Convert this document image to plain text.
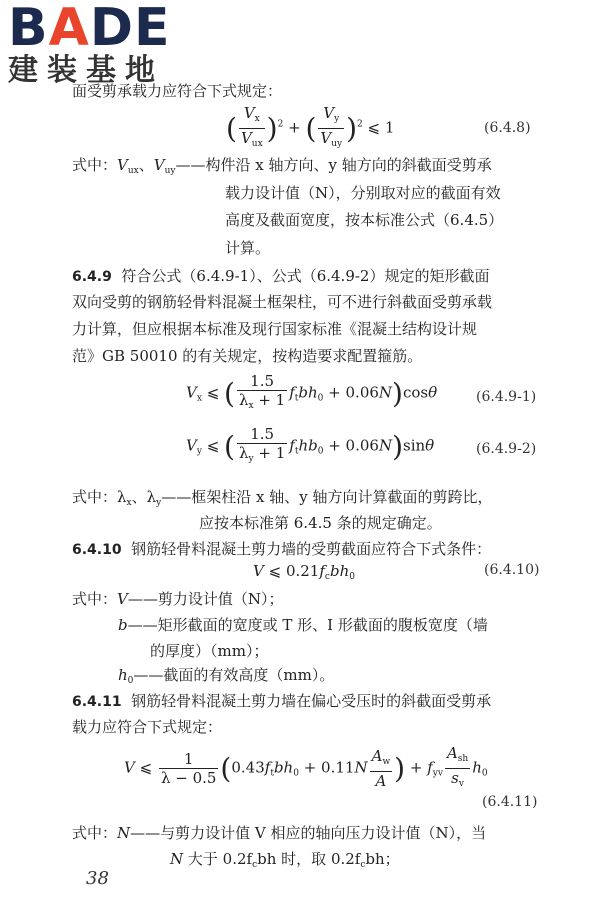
BADE
建装基地
面受剪承载力应符合下式规定：
( $\frac{V_x}{V_{ux}} )^2$ + ( $\frac{V_y}{V_{uy}} )^2$ ⩽ 1	(6.4.8)
式中：$V_{ux}$、$V_{uy}——$构件沿 x 轴方向、y 轴方向的斜截面受剪承
载力设计值（N），分别取对应的截面有效
高度及截面宽度，按本标准公式（6.4.5）
计算。
6.4.9 符合公式（6.4.9-1）、公式（6.4.9-2）规定的矩形截面
双向受剪的钢筋轻骨料混凝土框架柱，可不进行斜截面受剪承载
力计算，但应根据本标准及现行国家标准《混凝土结构设计规
范》GB 50010 的有关规定，按构造要求配置箍筋。
$V_x$ ⩽ ( $\frac{1.5}{\lambda_x + 1} f_tbh_0 + 0.06N)\cos\theta$	(6.4.9-1)
$V_y$ ⩽ ( $\frac{1.5}{\lambda_y + 1} f_thb_0 + 0.06N)\sin\theta$	(6.4.9-2)
式中：$\lambda_x$、$\lambda_y——$框架柱沿 x 轴、y 轴方向计算截面的剪跨比，
应按本标准第 6.4.5 条的规定确定。
6.4.10 钢筋轻骨料混凝土剪力墙的受剪截面应符合下式条件：
V ⩽ $0.21f_cbh_0$	(6.4.10)
式中：V——剪力设计值（N）；
b——矩形截面的宽度或 T 形、I 形截面的腹板宽度（墙
的厚度）（mm）；
$h_0——$截面的有效高度（mm）。
6.4.11 钢筋轻骨料混凝土剪力墙在偏心受压时的斜截面受剪承
载力应符合下式规定：
V ⩽ $\frac{1}{\lambda - 0.5} (0.43f_tbh_0 + 0.11N \frac{A_w}{A}$ ) + $f_{yv} \frac{A_{sh}}{s_v} h_0$
(6.4.11)
式中：N——与剪力设计值 V 相应的轴向压力设计值（N），当
N 大于 $0.2f_cbh$ 时，取 $0.2f_cbh$；
38
